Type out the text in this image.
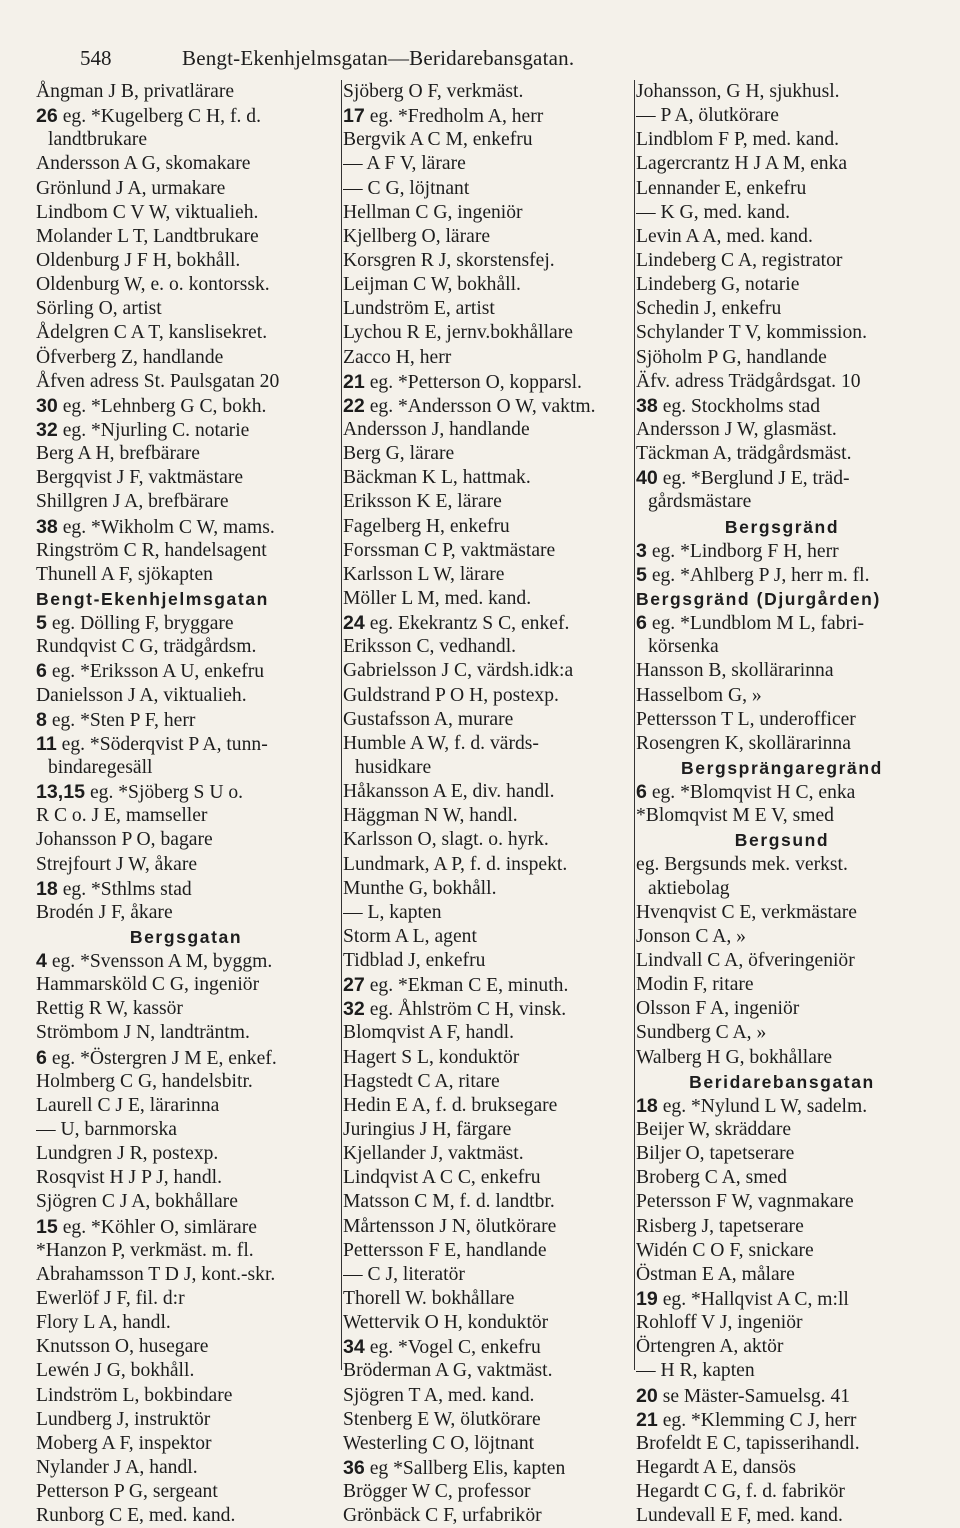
548	Bengt-Ekenhjelmsgatan—Beridarebansgatan.
Ångman J B, privatlärare
26 eg. *Kugelberg C H, f. d.
landtbrukare
Andersson A G, skomakare
Grönlund J A, urmakare
Lindbom C V W, viktualieh.
Molander L T, Landtbrukare
Oldenburg J F H, bokhåll.
Oldenburg W, e. o. kontorssk.
Sörling O, artist
Ådelgren C A T, kanslisekret.
Öfverberg Z, handlande
Åfven adress St. Paulsgatan 20
30 eg. *Lehnberg G C, bokh.
32 eg. *Njurling C. notarie
Berg A H, brefbärare
Bergqvist J F, vaktmästare
Shillgren J A, brefbärare
38 eg. *Wikholm C W, mams.
Ringström C R, handelsagent
Thunell A F, sjökapten
Bengt-Ekenhjelmsgatan
5 eg. Dölling F, bryggare
Rundqvist C G, trädgårdsm.
6 eg. *Eriksson A U, enkefru
Danielsson J A, viktualieh.
8 eg. *Sten P F, herr
11 eg. *Söderqvist P A, tunn-
bindaregesäll
13,15 eg. *Sjöberg S U o.
R C o. J E, mamseller
Johansson P O, bagare
Strejfourt J W, åkare
18 eg. *Sthlms stad
Brodén J F, åkare
Bergsgatan
4 eg. *Svensson A M, byggm.
Hammarsköld C G, ingeniör
Rettig R W, kassör
Strömbom J N, landträntm.
6 eg. *Östergren J M E, enkef.
Holmberg C G, handelsbitr.
Laurell C J E, lärarinna
— U, barnmorska
Lundgren J R, postexp.
Rosqvist H J P J, handl.
Sjögren C J A, bokhållare
15 eg. *Köhler O, simlärare
*Hanzon P, verkmäst. m. fl.
Abrahamsson T D J, kont.-skr.
Ewerlöf J F, fil. d:r
Flory L A, handl.
Knutsson O, husegare
Lewén J G, bokhåll.
Lindström L, bokbindare
Lundberg J, instruktör
Moberg A F, inspektor
Nylander J A, handl.
Petterson P G, sergeant
Runborg C E, med. kand.
Sjöberg O F, verkmäst.
17 eg. *Fredholm A, herr
Bergvik A C M, enkefru
— A F V, lärare
— C G, löjtnant
Hellman C G, ingeniör
Kjellberg O, lärare
Korsgren R J, skorstensfej.
Leijman C W, bokhåll.
Lundström E, artist
Lychou R E, jernv.bokhållare
Zacco H, herr
21 eg. *Petterson O, kopparsl.
22 eg. *Andersson O W, vaktm.
Andersson J, handlande
Berg G, lärare
Bäckman K L, hattmak.
Eriksson K E, lärare
Fagelberg H, enkefru
Forssman C P, vaktmästare
Karlsson L W, lärare
Möller L M, med. kand.
24 eg. Ekekrantz S C, enkef.
Eriksson C, vedhandl.
Gabrielsson J C, värdsh.idk:a
Guldstrand P O H, postexp.
Gustafsson A, murare
Humble A W, f. d. värds-
husidkare
Håkansson A E, div. handl.
Häggman N W, handl.
Karlsson O, slagt. o. hyrk.
Lundmark, A P, f. d. inspekt.
Munthe G, bokhåll.
— L, kapten
Storm A L, agent
Tidblad J, enkefru
27 eg. *Ekman C E, minuth.
32 eg. Åhlström C H, vinsk.
Blomqvist A F, handl.
Hagert S L, konduktör
Hagstedt C A, ritare
Hedin E A, f. d. bruksegare
Juringius J H, färgare
Kjellander J, vaktmäst.
Lindqvist A C C, enkefru
Matsson C M, f. d. landtbr.
Mårtensson J N, ölutkörare
Pettersson F E, handlande
— C J, literatör
Thorell W. bokhållare
Wettervik O H, konduktör
34 eg. *Vogel C, enkefru
Bröderman A G, vaktmäst.
Sjögren T A, med. kand.
Stenberg E W, ölutkörare
Westerling C O, löjtnant
36 eg *Sallberg Elis, kapten
Brögger W C, professor
Grönbäck C F, urfabrikör
Johansson, G H, sjukhusl.
— P A, ölutkörare
Lindblom F P, med. kand.
Lagercrantz H J A M, enka
Lennander E, enkefru
— K G, med. kand.
Levin A A, med. kand.
Lindeberg C A, registrator
Lindeberg G, notarie
Schedin J, enkefru
Schylander T V, kommission.
Sjöholm P G, handlande
Äfv. adress Trädgårdsgat. 10
38 eg. Stockholms stad
Andersson J W, glasmäst.
Täckman A, trädgårdsmäst.
40 eg. *Berglund J E, träd-
gårdsmästare
Bergsgränd
3 eg. *Lindborg F H, herr
5 eg. *Ahlberg P J, herr m. fl.
Bergsgränd (Djurgården)
6 eg. *Lundblom M L, fabri-
körsenka
Hansson B, skollärarinna
Hasselbom G, »
Pettersson T L, underofficer
Rosengren K, skollärarinna
Bergsprängaregränd
6 eg. *Blomqvist H C, enka
*Blomqvist M E V, smed
Bergsund
eg. Bergsunds mek. verkst.
aktiebolag
Hvenqvist C E, verkmästare
Jonson C A, »
Lindvall C A, öfveringeniör
Modin F, ritare
Olsson F A, ingeniör
Sundberg C A, »
Walberg H G, bokhållare
Beridarebansgatan
18 eg. *Nylund L W, sadelm.
Beijer W, skräddare
Biljer O, tapetserare
Broberg C A, smed
Petersson F W, vagnmakare
Risberg J, tapetserare
Widén C O F, snickare
Östman E A, målare
19 eg. *Hallqvist A C, m:ll
Rohloff V J, ingeniör
Örtengren A, aktör
— H R, kapten
20 se Mäster-Samuelsg. 41
21 eg. *Klemming C J, herr
Brofeldt E C, tapisserihandl.
Hegardt A E, dansös
Hegardt C G, f. d. fabrikör
Lundevall E F, med. kand.
